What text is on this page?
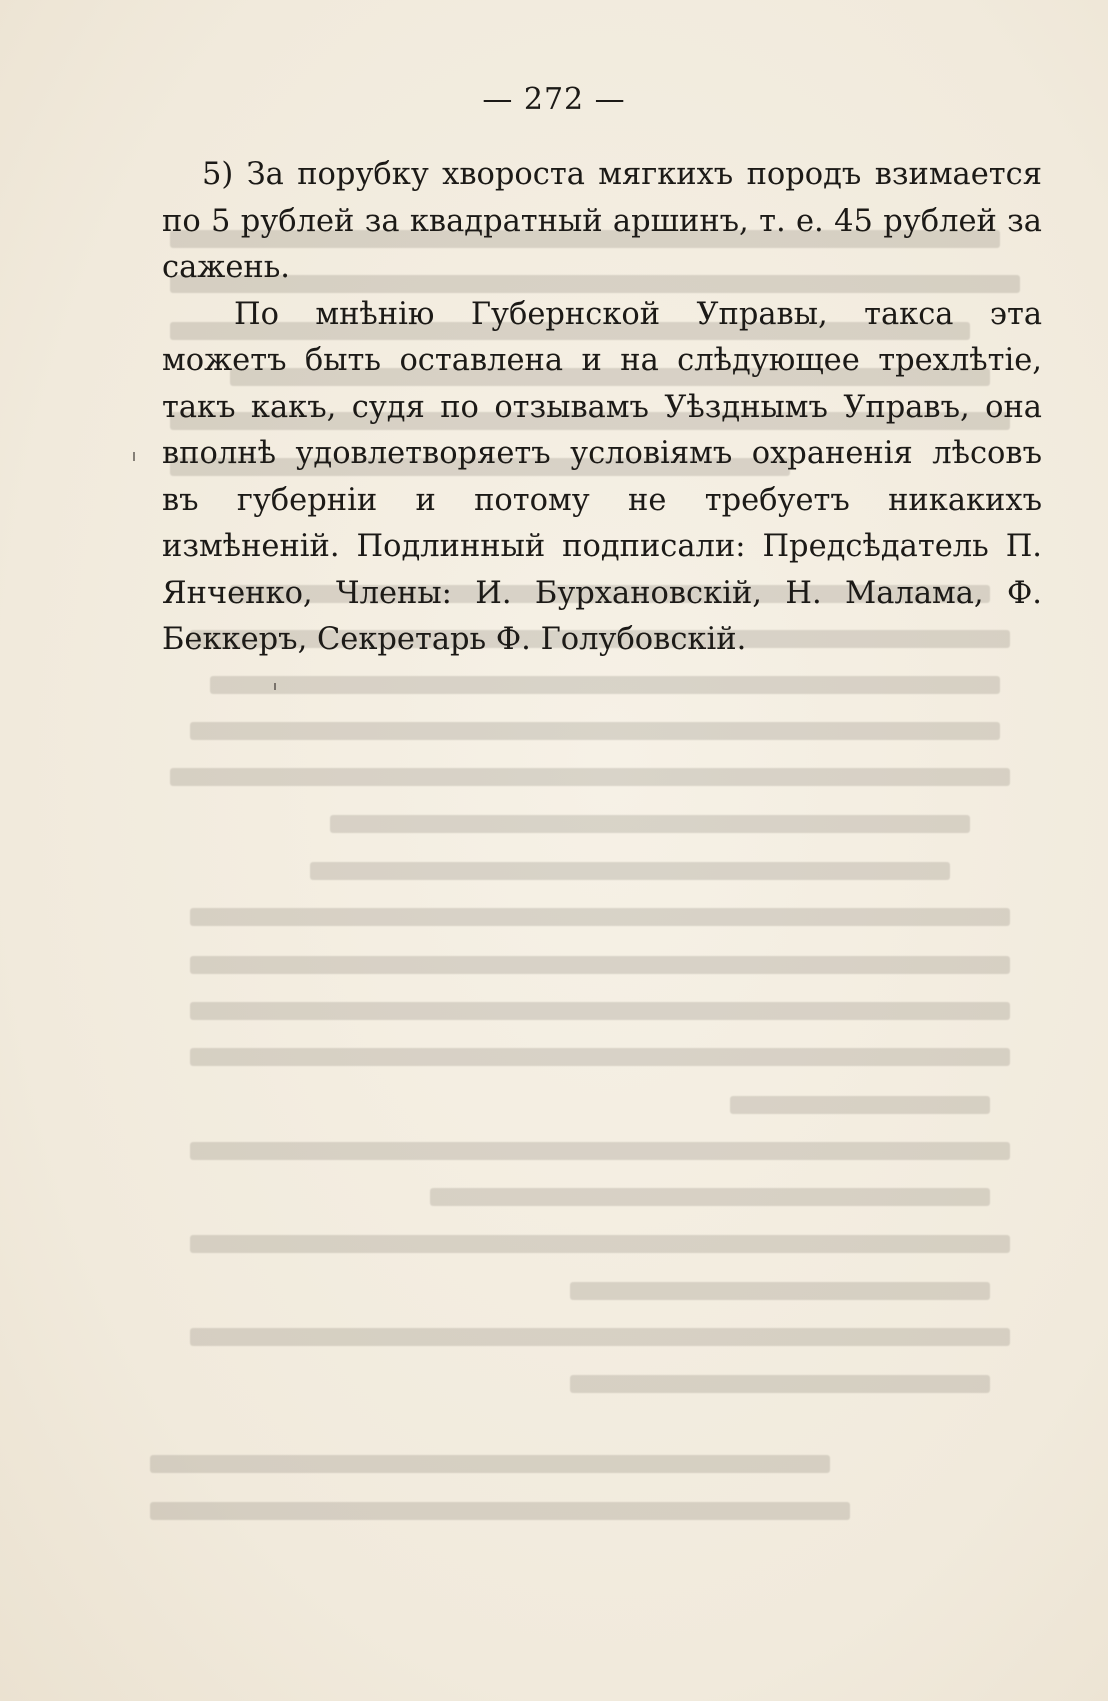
— 272 —

5) За порубку хвороста мягкихъ породъ взимается по 5 рублей за квадратный аршинъ, т. е. 45 рублей за сажень.

По мнѣнію Губернской Управы, такса эта можетъ быть оставлена и на слѣдующее трехлѣтіе, такъ какъ, судя по отзывамъ Уѣзднымъ Управъ, она вполнѣ удовлетворяетъ условіямъ охраненія лѣсовъ въ губерніи и потому не требуетъ никакихъ измѣненій. Подлинный подписали: Предсѣдатель П. Янченко, Члены: И. Бурхановскій, Н. Малама, Ф. Беккеръ, Секретарь Ф. Голубовскій.
